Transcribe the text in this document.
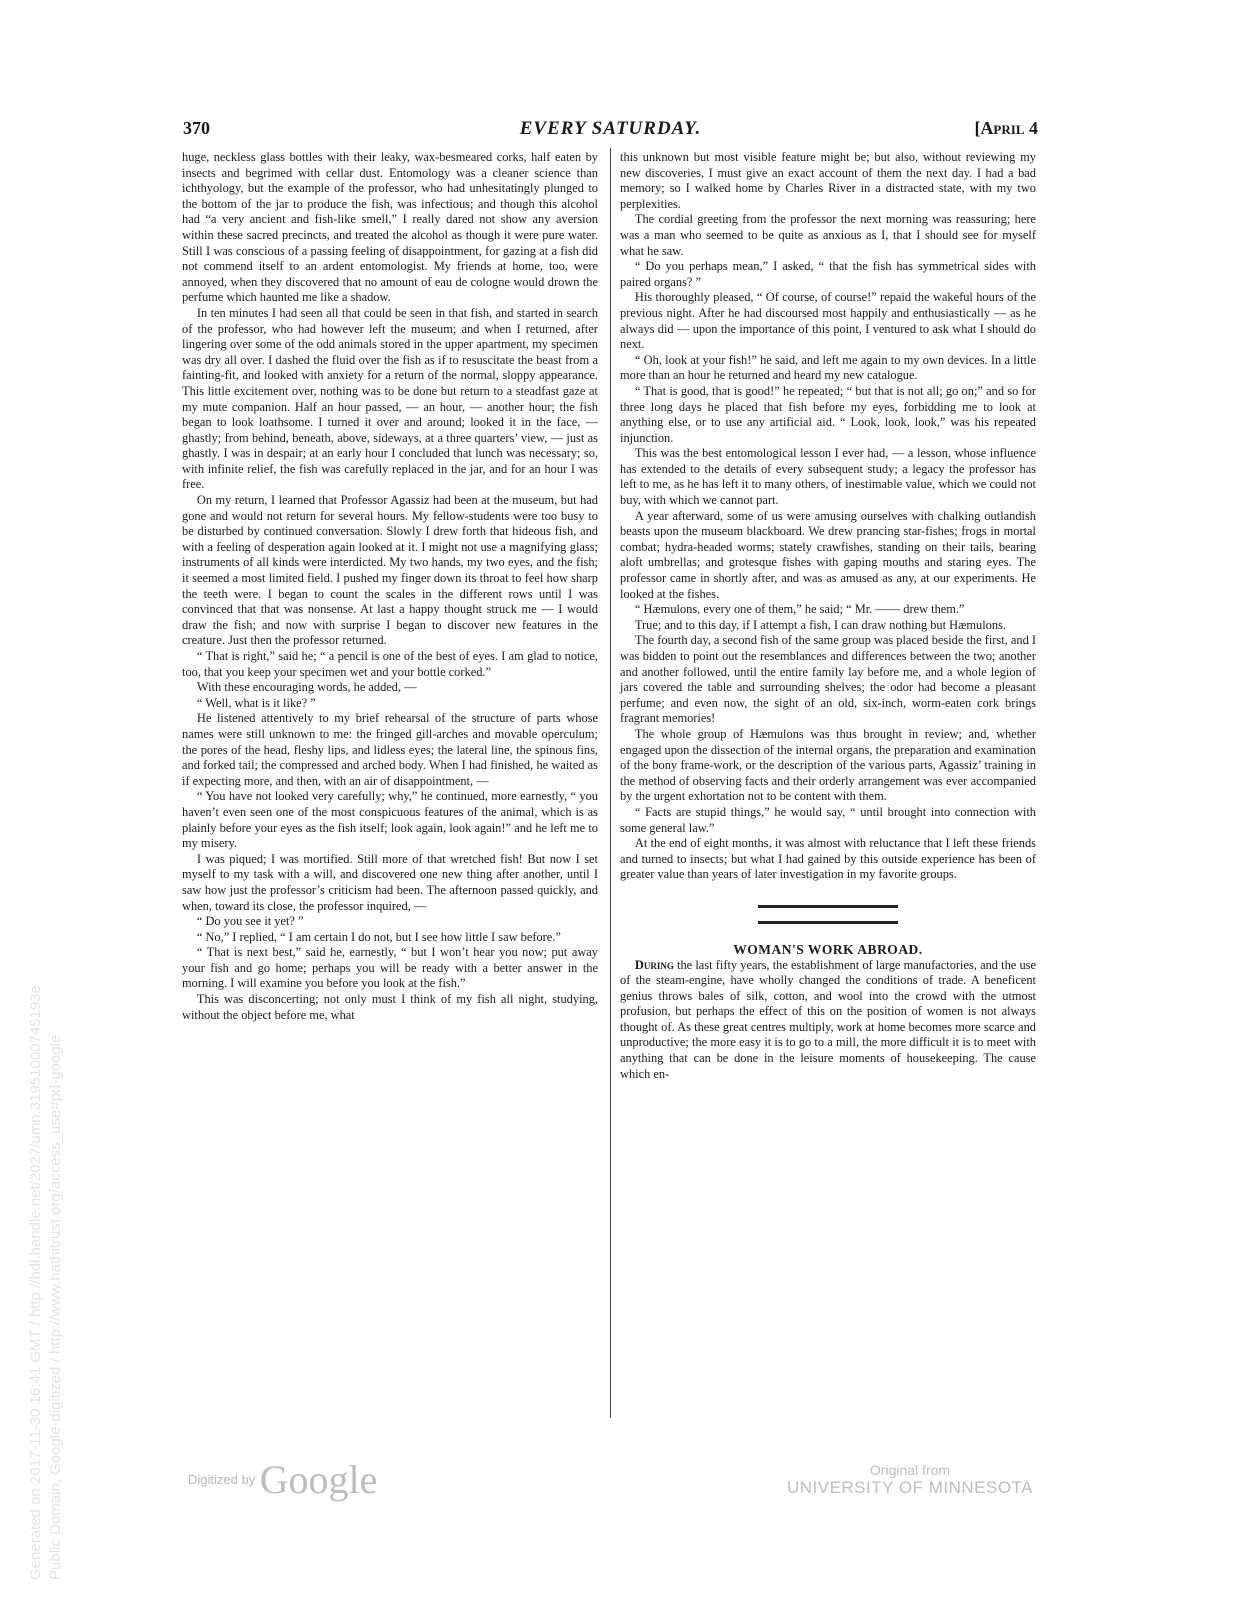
370	EVERY SATURDAY.	[April 4

huge, neckless glass bottles with their leaky, wax-besmeared corks, half eaten by insects and begrimed with cellar dust. Entomology was a cleaner science than ichthyology, but the example of the professor, who had unhesitatingly plunged to the bottom of the jar to produce the fish, was infectious; and though this alcohol had “a very ancient and fish-like smell,” I really dared not show any aversion within these sacred precincts, and treated the alcohol as though it were pure water. Still I was conscious of a passing feeling of disappointment, for gazing at a fish did not commend itself to an ardent entomologist. My friends at home, too, were annoyed, when they discovered that no amount of eau de cologne would drown the perfume which haunted me like a shadow.

In ten minutes I had seen all that could be seen in that fish, and started in search of the professor, who had however left the museum; and when I returned, after lingering over some of the odd animals stored in the upper apartment, my specimen was dry all over. I dashed the fluid over the fish as if to resuscitate the beast from a fainting-fit, and looked with anxiety for a return of the normal, sloppy appearance. This little excitement over, nothing was to be done but return to a steadfast gaze at my mute companion. Half an hour passed, — an hour, — another hour; the fish began to look loathsome. I turned it over and around; looked it in the face, — ghastly; from behind, beneath, above, sideways, at a three quarters’ view, — just as ghastly. I was in despair; at an early hour I concluded that lunch was necessary; so, with infinite relief, the fish was carefully replaced in the jar, and for an hour I was free.

On my return, I learned that Professor Agassiz had been at the museum, but had gone and would not return for several hours. My fellow-students were too busy to be disturbed by continued conversation. Slowly I drew forth that hideous fish, and with a feeling of desperation again looked at it. I might not use a magnifying glass; instruments of all kinds were interdicted. My two hands, my two eyes, and the fish; it seemed a most limited field. I pushed my finger down its throat to feel how sharp the teeth were. I began to count the scales in the different rows until I was convinced that that was nonsense. At last a happy thought struck me — I would draw the fish; and now with surprise I began to discover new features in the creature. Just then the professor returned.

“ That is right,” said he; “ a pencil is one of the best of eyes. I am glad to notice, too, that you keep your specimen wet and your bottle corked.”

With these encouraging words, he added, —

“ Well, what is it like? ”

He listened attentively to my brief rehearsal of the structure of parts whose names were still unknown to me: the fringed gill-arches and movable operculum; the pores of the head, fleshy lips, and lidless eyes; the lateral line, the spinous fins, and forked tail; the compressed and arched body. When I had finished, he waited as if expecting more, and then, with an air of disappointment, —

“ You have not looked very carefully; why,” he continued, more earnestly, “ you haven’t even seen one of the most conspicuous features of the animal, which is as plainly before your eyes as the fish itself; look again, look again!” and he left me to my misery.

I was piqued; I was mortified. Still more of that wretched fish! But now I set myself to my task with a will, and discovered one new thing after another, until I saw how just the professor’s criticism had been. The afternoon passed quickly, and when, toward its close, the professor inquired, —

“ Do you see it yet? ”

“ No,” I replied, “ I am certain I do not, but I see how little I saw before.”

“ That is next best,” said he, earnestly, “ but I won’t hear you now; put away your fish and go home; perhaps you will be ready with a better answer in the morning. I will examine you before you look at the fish.”

This was disconcerting; not only must I think of my fish all night, studying, without the object before me, what

this unknown but most visible feature might be; but also, without reviewing my new discoveries, I must give an exact account of them the next day. I had a bad memory; so I walked home by Charles River in a distracted state, with my two perplexities.

The cordial greeting from the professor the next morning was reassuring; here was a man who seemed to be quite as anxious as I, that I should see for myself what he saw.

“ Do you perhaps mean,” I asked, “ that the fish has symmetrical sides with paired organs? ”

His thoroughly pleased, “ Of course, of course!” repaid the wakeful hours of the previous night. After he had discoursed most happily and enthusiastically — as he always did — upon the importance of this point, I ventured to ask what I should do next.

“ Oh, look at your fish!” he said, and left me again to my own devices. In a little more than an hour he returned and heard my new catalogue.

“ That is good, that is good!” he repeated; “ but that is not all; go on;” and so for three long days he placed that fish before my eyes, forbidding me to look at anything else, or to use any artificial aid. “ Look, look, look,” was his repeated injunction.

This was the best entomological lesson I ever had, — a lesson, whose influence has extended to the details of every subsequent study; a legacy the professor has left to me, as he has left it to many others, of inestimable value, which we could not buy, with which we cannot part.

A year afterward, some of us were amusing ourselves with chalking outlandish beasts upon the museum blackboard. We drew prancing star-fishes; frogs in mortal combat; hydra-headed worms; stately crawfishes, standing on their tails, bearing aloft umbrellas; and grotesque fishes with gaping mouths and staring eyes. The professor came in shortly after, and was as amused as any, at our experiments. He looked at the fishes.

“ Hæmulons, every one of them,” he said; “ Mr. —— drew them.”

True; and to this day, if I attempt a fish, I can draw nothing but Hæmulons.

The fourth day, a second fish of the same group was placed beside the first, and I was bidden to point out the resemblances and differences between the two; another and another followed, until the entire family lay before me, and a whole legion of jars covered the table and surrounding shelves; the odor had become a pleasant perfume; and even now, the sight of an old, six-inch, worm-eaten cork brings fragrant memories!

The whole group of Hæmulons was thus brought in review; and, whether engaged upon the dissection of the internal organs, the preparation and examination of the bony frame-work, or the description of the various parts, Agassiz’ training in the method of observing facts and their orderly arrangement was ever accompanied by the urgent exhortation not to be content with them.

“ Facts are stupid things,” he would say, “ until brought into connection with some general law.”

At the end of eight months, it was almost with reluctance that I left these friends and turned to insects; but what I had gained by this outside experience has been of greater value than years of later investigation in my favorite groups.

WOMAN'S WORK ABROAD.

During the last fifty years, the establishment of large manufactories, and the use of the steam-engine, have wholly changed the conditions of trade. A beneficent genius throws bales of silk, cotton, and wool into the crowd with the utmost profusion, but perhaps the effect of this on the position of women is not always thought of. As these great centres multiply, work at home becomes more scarce and unproductive; the more easy it is to go to a mill, the more difficult it is to meet with anything that can be done in the leisure moments of housekeeping. The cause which en-

Digitized by Google	Original from
UNIVERSITY OF MINNESOTA
Generated on 2017-11-30 16:41 GMT / http://hdl.handle.net/2027/umn.31951000745193e Public Domain, Google-digitized / http://www.hathitrust.org/access_use#pd-google
